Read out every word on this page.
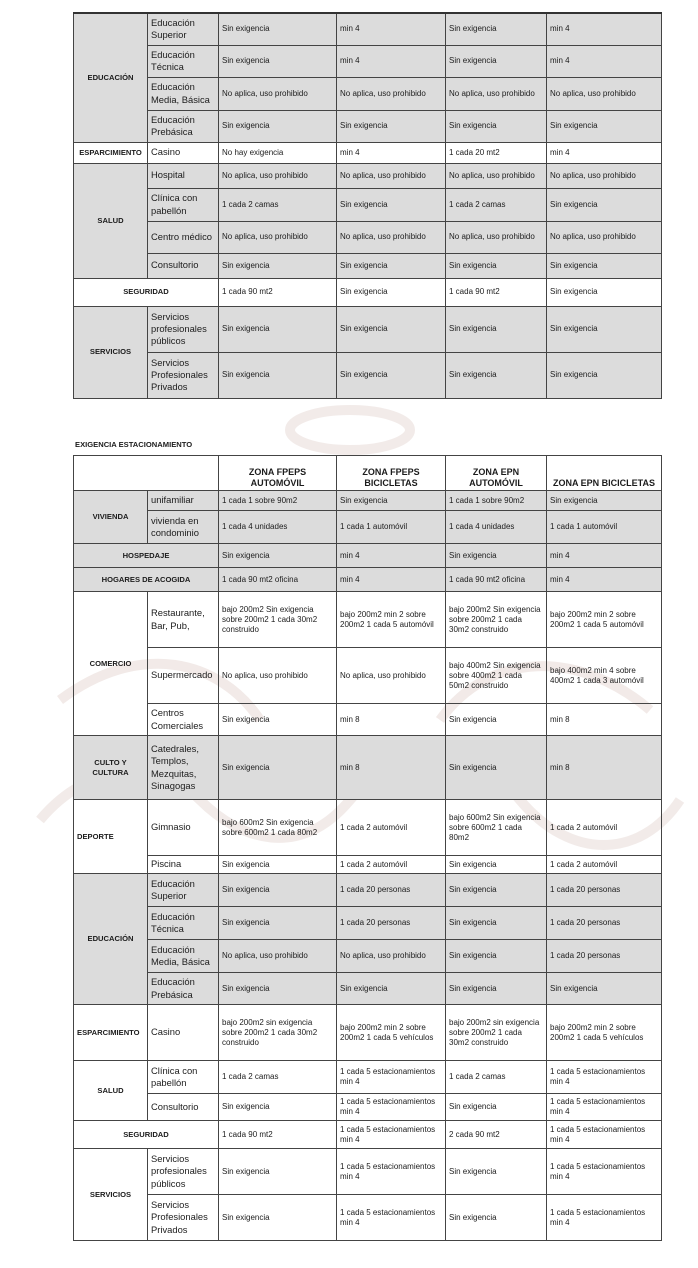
EDUCACIÓN	Educación Superior	Sin exigencia	min 4	Sin exigencia	min 4
	Educación Técnica	Sin exigencia	min 4	Sin exigencia	min 4
	Educación Media, Básica	No aplica, uso prohibido	No aplica, uso prohibido	No aplica, uso prohibido	No aplica, uso prohibido
	Educación Prebásica	Sin exigencia	Sin exigencia	Sin exigencia	Sin exigencia
ESPARCIMIENTO	Casino	No hay exigencia	min 4	1 cada 20 mt2	min 4
SALUD	Hospital	No aplica, uso prohibido	No aplica, uso prohibido	No aplica, uso prohibido	No aplica, uso prohibido
	Clínica con pabellón	1 cada 2 camas	Sin exigencia	1 cada 2 camas	Sin exigencia
	Centro médico	No aplica, uso prohibido	No aplica, uso prohibido	No aplica, uso prohibido	No aplica, uso prohibido
	Consultorio	Sin exigencia	Sin exigencia	Sin exigencia	Sin exigencia
SEGURIDAD		1 cada 90 mt2	Sin exigencia	1 cada 90 mt2	Sin exigencia
SERVICIOS	Servicios profesionales públicos	Sin exigencia	Sin exigencia	Sin exigencia	Sin exigencia
	Servicios Profesionales Privados	Sin exigencia	Sin exigencia	Sin exigencia	Sin exigencia
EXIGENCIA ESTACIONAMIENTO
		ZONA FPEPS AUTOMÓVIL	ZONA FPEPS BICICLETAS	ZONA EPN AUTOMÓVIL	ZONA EPN BICICLETAS
VIVIENDA	unifamiliar	1 cada 1 sobre 90m2	Sin exigencia	1 cada 1 sobre 90m2	Sin exigencia
	vivienda en condominio	1 cada 4 unidades	1 cada 1 automóvil	1 cada 4 unidades	1 cada 1 automóvil
HOSPEDAJE		Sin exigencia	min 4	Sin exigencia	min 4
HOGARES DE ACOGIDA		1 cada 90 mt2 oficina	min 4	1 cada 90 mt2 oficina	min 4
COMERCIO	Restaurante, Bar, Pub,	bajo 200m2 Sin exigencia sobre 200m2 1 cada 30m2 construido	bajo 200m2 min 2 sobre 200m2 1 cada 5 automóvil	bajo 200m2 Sin exigencia sobre 200m2 1 cada 30m2 construido	bajo 200m2 min 2 sobre 200m2 1 cada 5 automóvil
	Supermercado	No aplica, uso prohibido	No aplica, uso prohibido	bajo 400m2 Sin exigencia sobre 400m2 1 cada 50m2 construido	bajo 400m2 min 4 sobre 400m2 1 cada 3 automóvil
	Centros Comerciales	Sin exigencia	min 8	Sin exigencia	min 8
CULTO Y CULTURA	Catedrales, Templos, Mezquitas, Sinagogas	Sin exigencia	min 8	Sin exigencia	min 8
DEPORTE	Gimnasio	bajo 600m2 Sin exigencia sobre 600m2 1 cada 80m2	1 cada 2 automóvil	bajo 600m2 Sin exigencia sobre 600m2 1 cada 80m2	1 cada 2 automóvil
	Piscina	Sin exigencia	1 cada 2 automóvil	Sin exigencia	1 cada 2 automóvil
EDUCACIÓN	Educación Superior	Sin exigencia	1 cada 20 personas	Sin exigencia	1 cada 20 personas
	Educación Técnica	Sin exigencia	1 cada 20 personas	Sin exigencia	1 cada 20 personas
	Educación Media, Básica	No aplica, uso prohibido	No aplica, uso prohibido	Sin exigencia	1 cada 20 personas
	Educación Prebásica	Sin exigencia	Sin exigencia	Sin exigencia	Sin exigencia
ESPARCIMIENTO	Casino	bajo 200m2 sin exigencia sobre 200m2 1 cada 30m2 construido	bajo 200m2 min 2 sobre 200m2 1 cada 5 vehículos	bajo 200m2 sin exigencia sobre 200m2 1 cada 30m2 construido	bajo 200m2 min 2 sobre 200m2 1 cada 5 vehículos
SALUD	Clínica con pabellón	1 cada 2 camas	1 cada 5 estacionamientos min 4	1 cada 2 camas	1 cada 5 estacionamientos min 4
	Consultorio	Sin exigencia	1 cada 5 estacionamientos min 4	Sin exigencia	1 cada 5 estacionamientos min 4
SEGURIDAD		1 cada 90 mt2	1 cada 5 estacionamientos min 4	2 cada 90 mt2	1 cada 5 estacionamientos min 4
SERVICIOS	Servicios profesionales públicos	Sin exigencia	1 cada 5 estacionamientos min 4	Sin exigencia	1 cada 5 estacionamientos min 4
	Servicios Profesionales Privados	Sin exigencia	1 cada 5 estacionamientos min 4	Sin exigencia	1 cada 5 estacionamientos min 4
